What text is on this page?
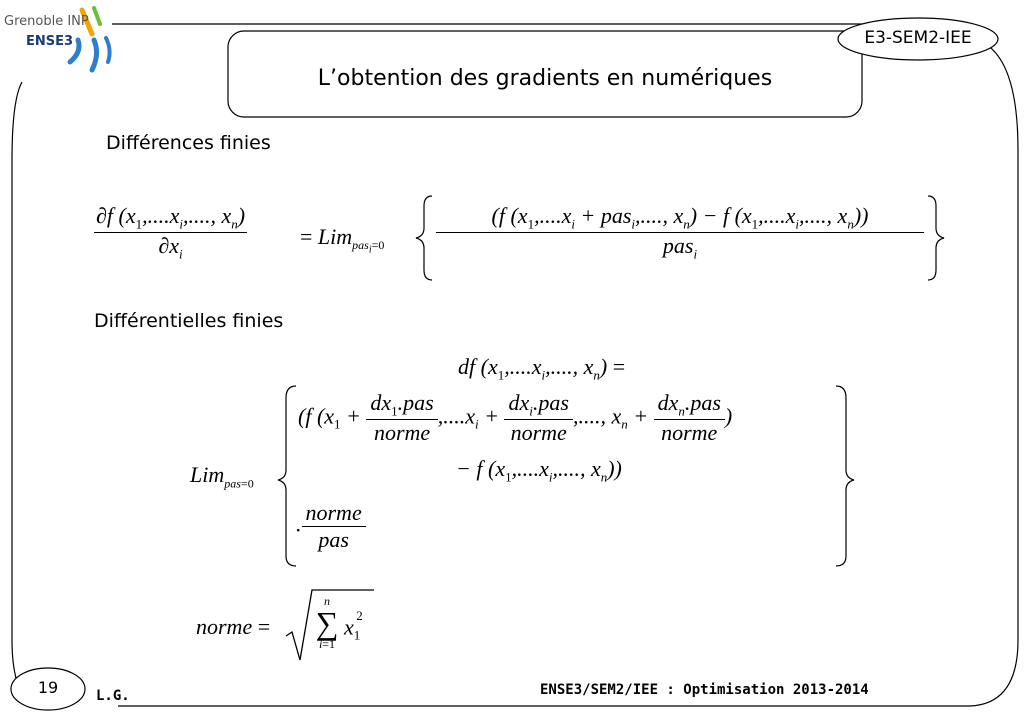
Grenoble INP
ENSE3	E3-SEM2-IEE
L’obtention des gradients en numériques
Différences finies
$\frac{\partial f (x_1,....x_i,...., x_n)}{\partial x_i} = Lim_{pas_i=0} \frac{(f (x_1,....x_i + pas_i,...., x_n) - f (x_1,....x_i,...., x_n))}{pas_i}$
Différentielles finies
df ($x_1,....x_i$,...., $x_n$) =
Lim$_{pas=0}$
(f ($x_1 + \frac{dx_1.pas}{\text{norme}} ,....x_i + \frac{dx_i.pas}{\text{norme}}$ ,...., $x_n + \frac{dx_n.pas}{\text{norme}}$ )
− f ($x_1,....x_i$,...., $x_n$))
. $\frac{\text{norme}}{\text{pas}}$
norme =
n
∑
i=1
$x_1^2$
19	L.G.	ENSE3/SEM2/IEE : Optimisation 2013-2014
